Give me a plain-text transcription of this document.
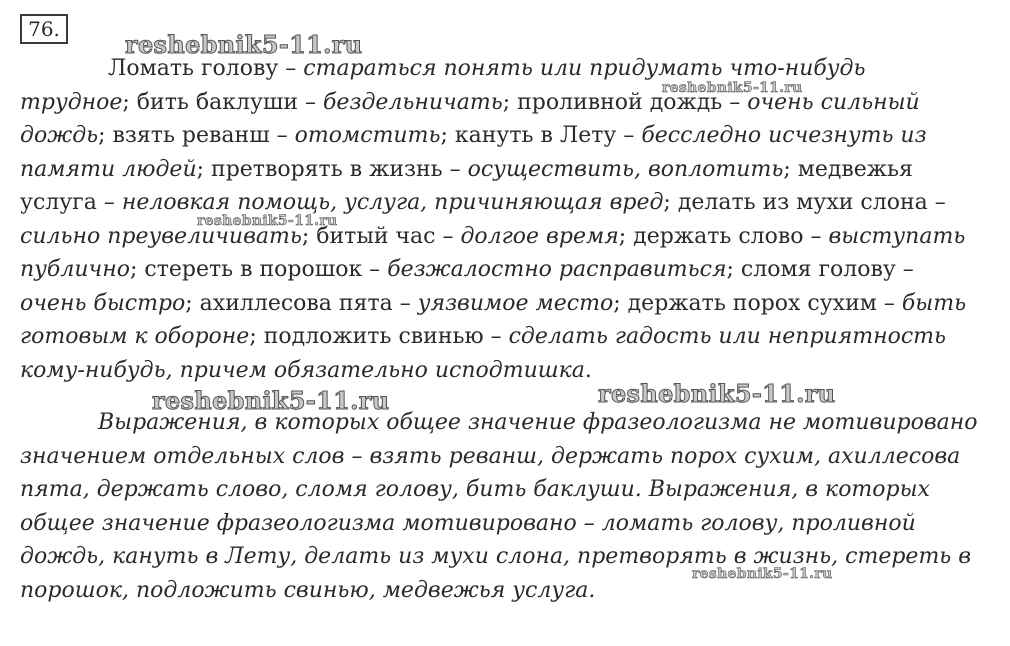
76.
reshebnik5-11.ru
reshebnik5-11.ru
reshebnik5-11.ru
reshebnik5-11.ru	reshebnik5-11.ru
reshebnik5-11.ru
Ломать голову – стараться понять или придумать что-нибудь
трудное; бить баклуши – бездельничать; проливной дождь – очень сильный
дождь; взять реванш – отомстить; кануть в Лету – бесследно исчезнуть из
памяти людей; претворять в жизнь – осуществить, воплотить; медвежья
услуга – неловкая помощь, услуга, причиняющая вред; делать из мухи слона –
сильно преувеличивать; битый час – долгое время; держать слово – выступать
публично; стереть в порошок – безжалостно расправиться; сломя голову –
очень быстро; ахиллесова пята – уязвимое место; держать порох сухим – быть
готовым к обороне; подложить свинью – сделать гадость или неприятность
кому-нибудь, причем обязательно исподтишка.
Выражения, в которых общее значение фразеологизма не мотивировано
значением отдельных слов – взять реванш, держать порох сухим, ахиллесова
пята, держать слово, сломя голову, бить баклуши. Выражения, в которых
общее значение фразеологизма мотивировано – ломать голову, проливной
дождь, кануть в Лету, делать из мухи слона, претворять в жизнь, стереть в
порошок, подложить свинью, медвежья услуга.
